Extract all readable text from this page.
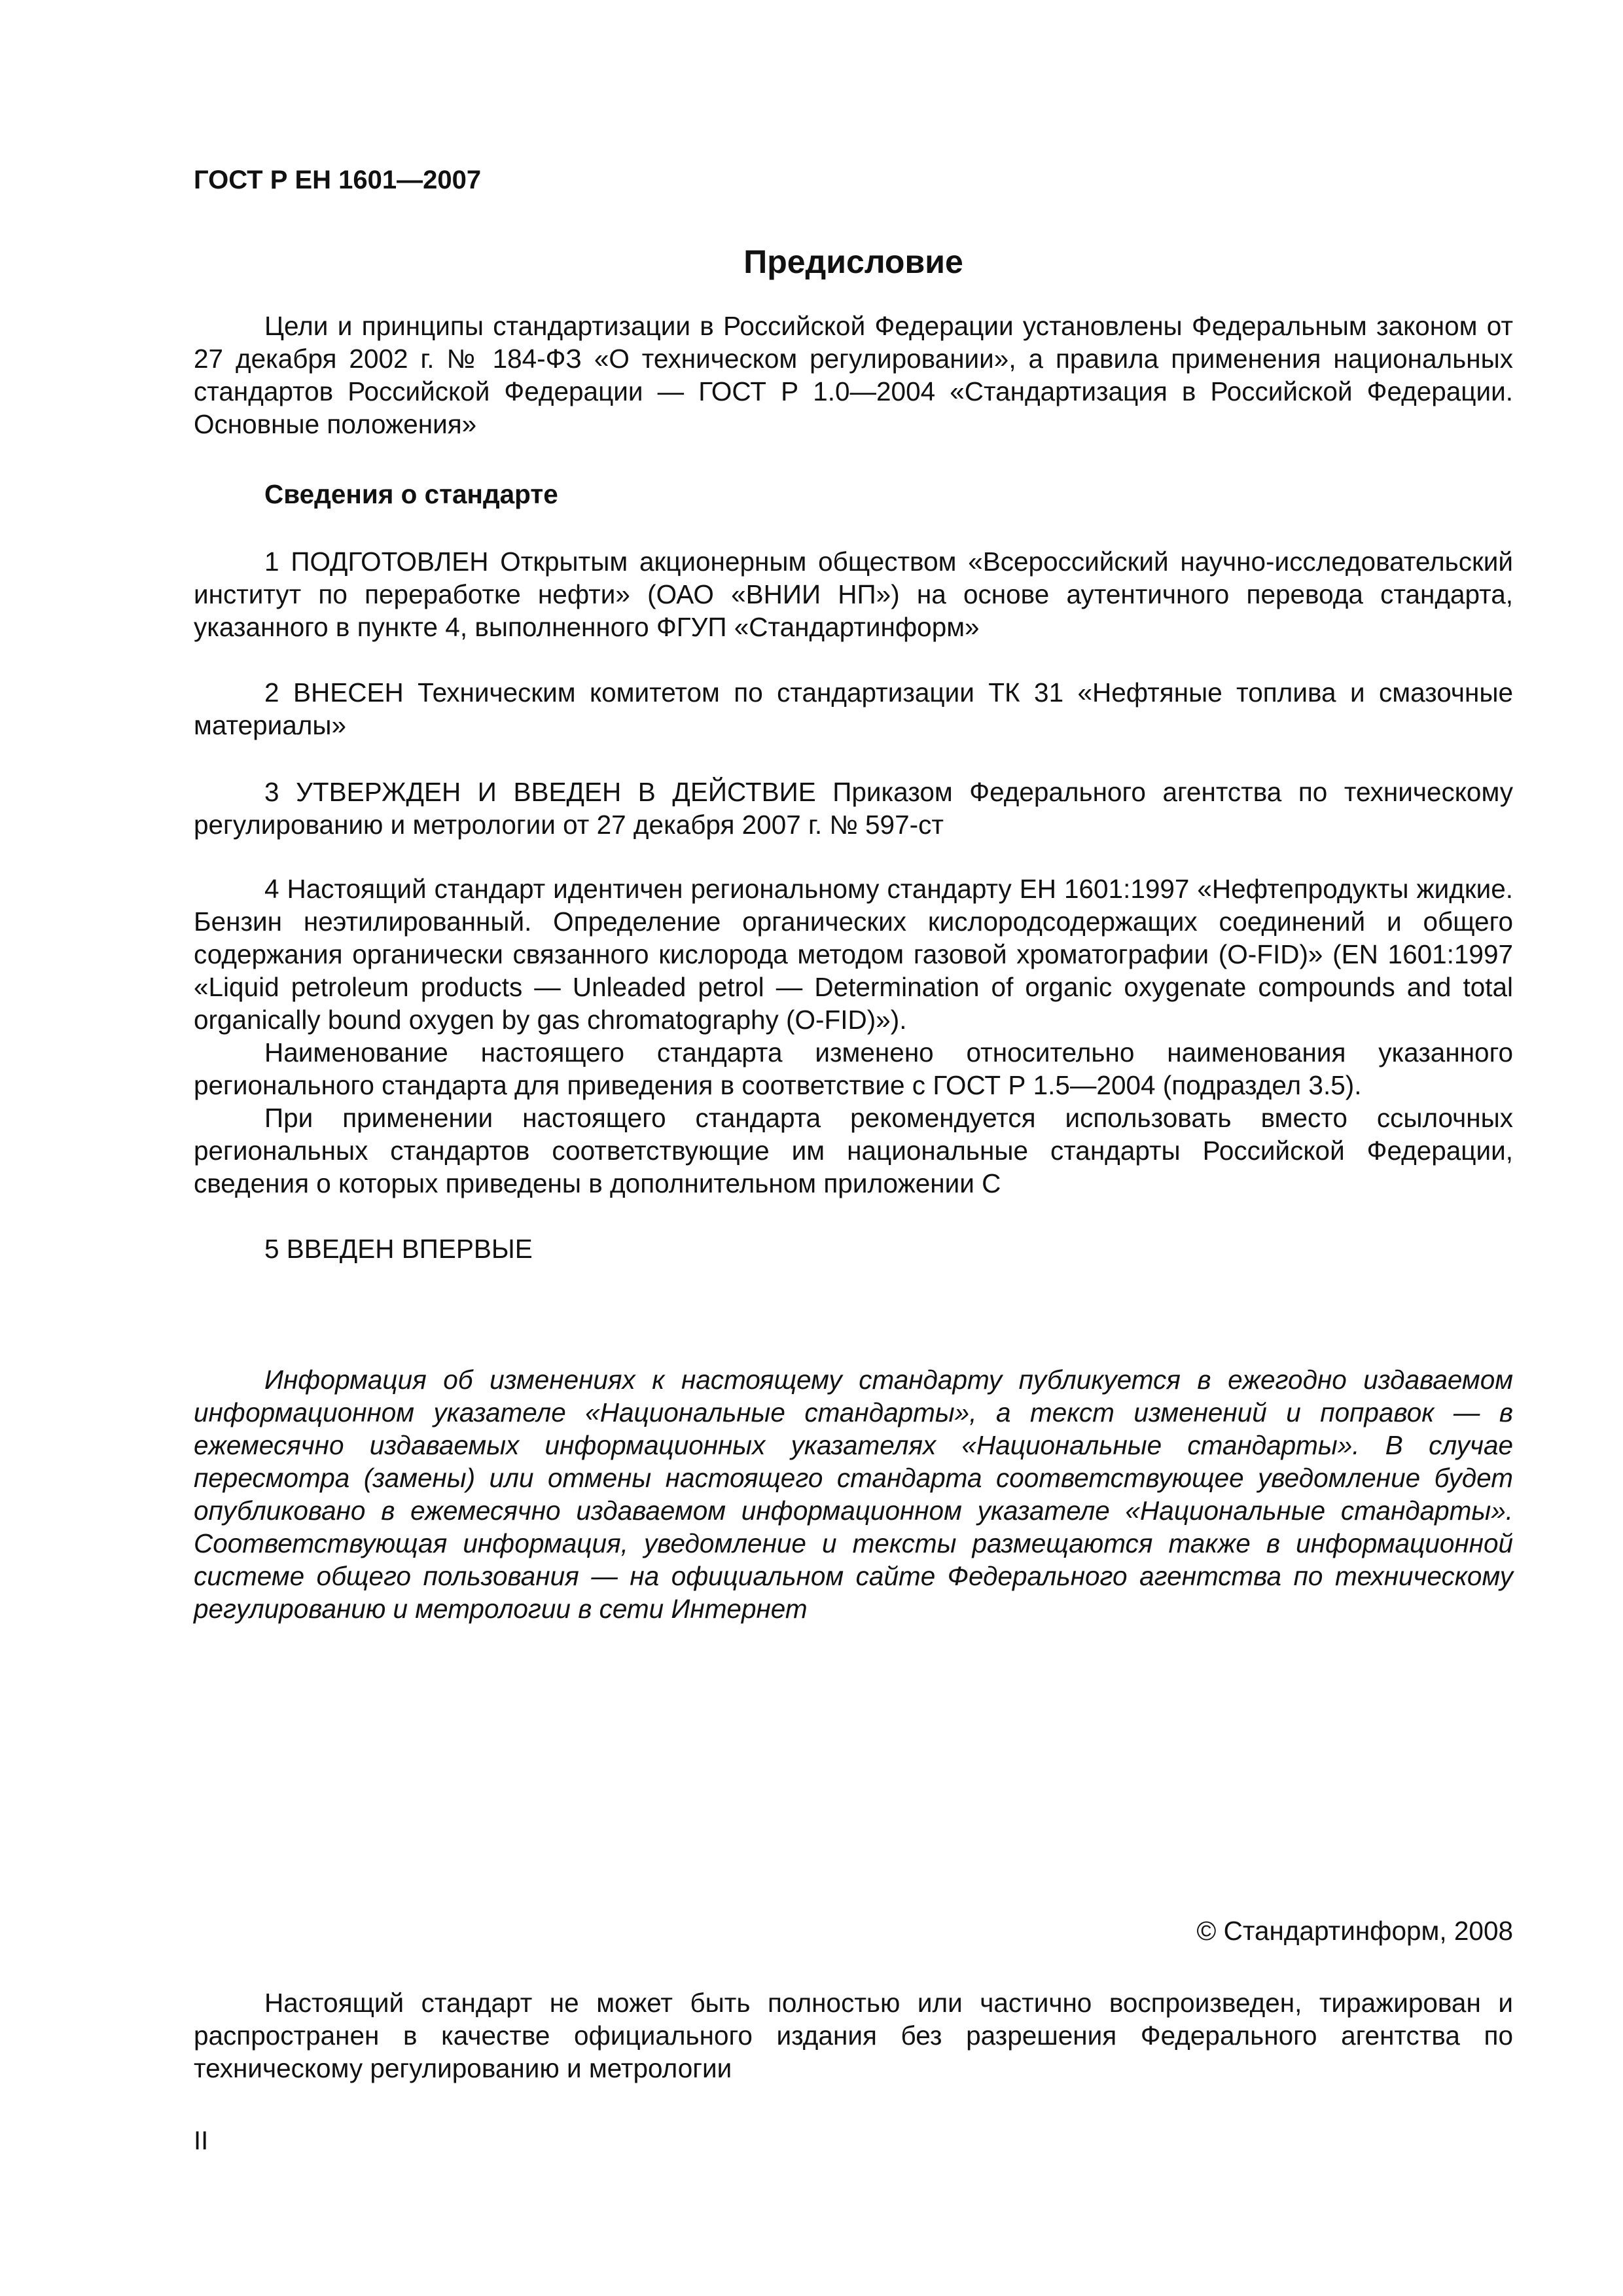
ГОСТ Р ЕН 1601—2007
Предисловие

Цели и принципы стандартизации в Российской Федерации установлены Федеральным законом от 27 декабря 2002 г. № 184-ФЗ «О техническом регулировании», а правила применения национальных стандартов Российской Федерации — ГОСТ Р 1.0—2004 «Стандартизация в Российской Федерации. Основные положения»

Сведения о стандарте

1 ПОДГОТОВЛЕН Открытым акционерным обществом «Всероссийский научно-исследовательский институт по переработке нефти» (ОАО «ВНИИ НП») на основе аутентичного перевода стандарта, указанного в пункте 4, выполненного ФГУП «Стандартинформ»

2 ВНЕСЕН Техническим комитетом по стандартизации ТК 31 «Нефтяные топлива и смазочные материалы»

3 УТВЕРЖДЕН И ВВЕДЕН В ДЕЙСТВИЕ Приказом Федерального агентства по техническому регулированию и метрологии от 27 декабря 2007 г. № 597-ст

4 Настоящий стандарт идентичен региональному стандарту ЕН 1601:1997 «Нефтепродукты жидкие. Бензин неэтилированный. Определение органических кислородсодержащих соединений и общего содержания органически связанного кислорода методом газовой хроматографии (O-FID)» (EN 1601:1997 «Liquid petroleum products — Unleaded petrol — Determination of organic oxygenate compounds and total organically bound oxygen by gas chromatography (O-FID)»).

Наименование настоящего стандарта изменено относительно наименования указанного регионального стандарта для приведения в соответствие с ГОСТ Р 1.5—2004 (подраздел 3.5).

При применении настоящего стандарта рекомендуется использовать вместо ссылочных региональных стандартов соответствующие им национальные стандарты Российской Федерации, сведения о которых приведены в дополнительном приложении С

5 ВВЕДЕН ВПЕРВЫЕ

Информация об изменениях к настоящему стандарту публикуется в ежегодно издаваемом информационном указателе «Национальные стандарты», а текст изменений и поправок — в ежемесячно издаваемых информационных указателях «Национальные стандарты». В случае пересмотра (замены) или отмены настоящего стандарта соответствующее уведомление будет опубликовано в ежемесячно издаваемом информационном указателе «Национальные стандарты». Соответствующая информация, уведомление и тексты размещаются также в информационной системе общего пользования — на официальном сайте Федерального агентства по техническому регулированию и метрологии в сети Интернет

© Стандартинформ, 2008

Настоящий стандарт не может быть полностью или частично воспроизведен, тиражирован и распространен в качестве официального издания без разрешения Федерального агентства по техническому регулированию и метрологии

II
